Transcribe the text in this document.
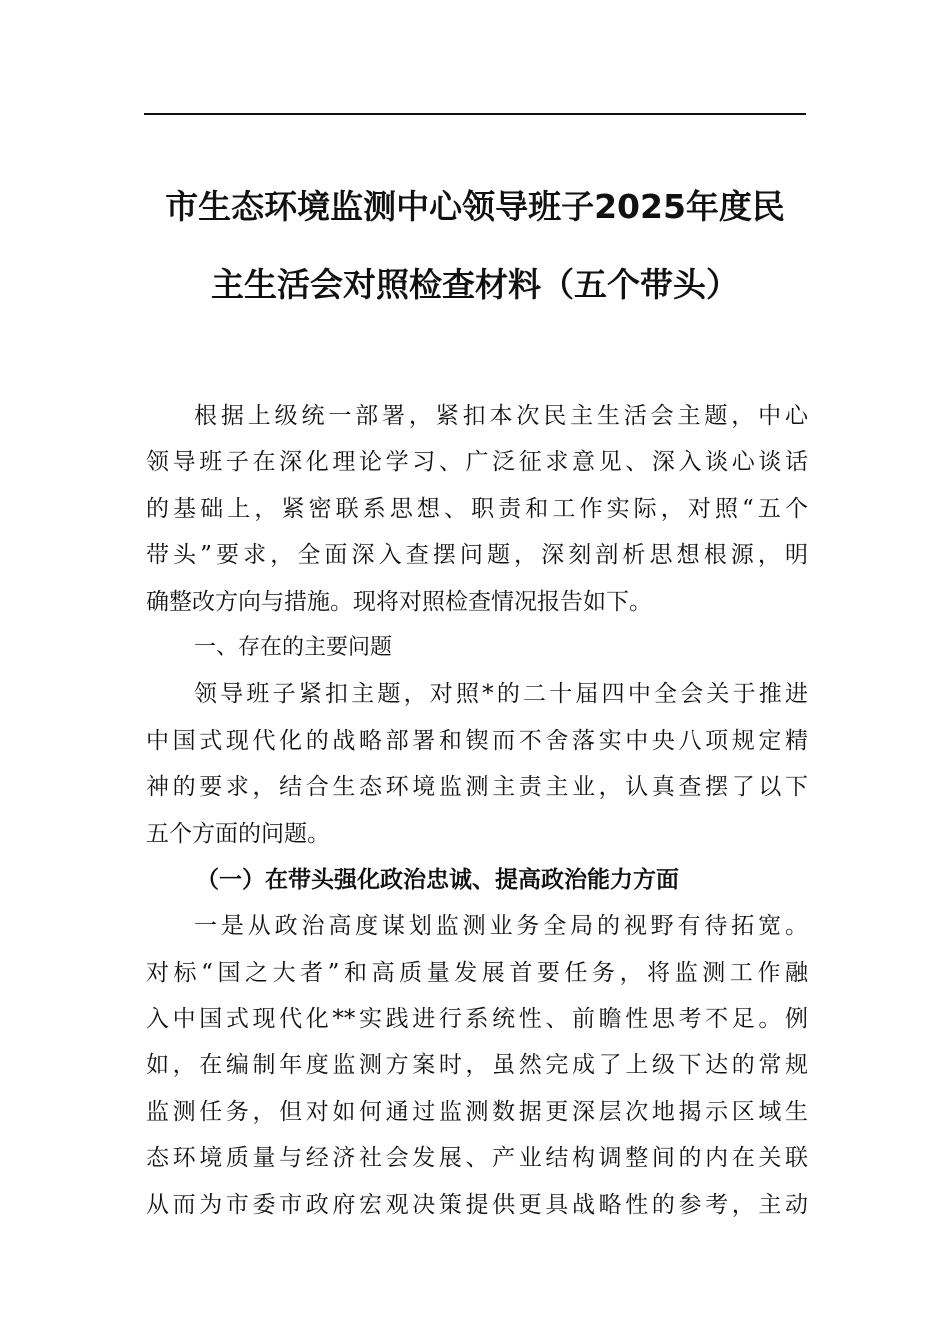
市生态环境监测中心领导班子2025年度民
主生活会对照检查材料（五个带头）
根据上级统一部署，紧扣本次民主生活会主题，中心
领导班子在深化理论学习、广泛征求意见、深入谈心谈话
的基础上，紧密联系思想、职责和工作实际，对照“五个
带头”要求，全面深入查摆问题，深刻剖析思想根源，明
确整改方向与措施。现将对照检查情况报告如下。
一、存在的主要问题
领导班子紧扣主题，对照*的二十届四中全会关于推进
中国式现代化的战略部署和锲而不舍落实中央八项规定精
神的要求，结合生态环境监测主责主业，认真查摆了以下
五个方面的问题。
（一）在带头强化政治忠诚、提高政治能力方面
一是从政治高度谋划监测业务全局的视野有待拓宽。
对标“国之大者”和高质量发展首要任务，将监测工作融
入中国式现代化**实践进行系统性、前瞻性思考不足。例
如，在编制年度监测方案时，虽然完成了上级下达的常规
监测任务，但对如何通过监测数据更深层次地揭示区域生
态环境质量与经济社会发展、产业结构调整间的内在关联
从而为市委市政府宏观决策提供更具战略性的参考，主动
